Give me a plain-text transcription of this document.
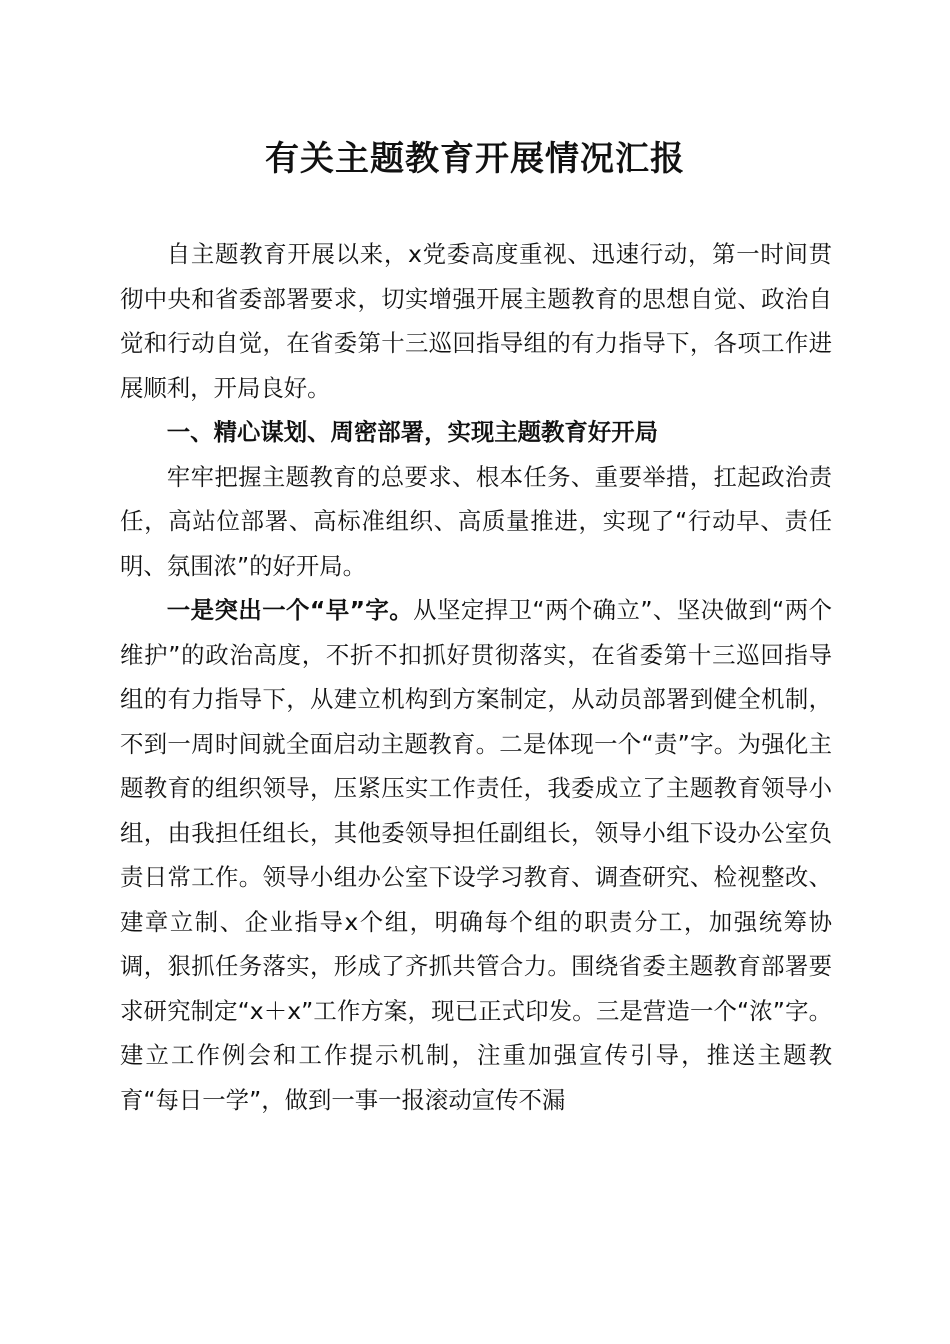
有关主题教育开展情况汇报

自主题教育开展以来，x党委高度重视、迅速行动，第一时间贯彻中央和省委部署要求，切实增强开展主题教育的思想自觉、政治自觉和行动自觉，在省委第十三巡回指导组的有力指导下，各项工作进展顺利，开局良好。

一、精心谋划、周密部署，实现主题教育好开局

牢牢把握主题教育的总要求、根本任务、重要举措，扛起政治责任，高站位部署、高标准组织、高质量推进，实现了“行动早、责任明、氛围浓”的好开局。

一是突出一个“早”字。从坚定捍卫“两个确立”、坚决做到“两个维护”的政治高度，不折不扣抓好贯彻落实，在省委第十三巡回指导组的有力指导下，从建立机构到方案制定，从动员部署到健全机制，不到一周时间就全面启动主题教育。二是体现一个“责”字。为强化主题教育的组织领导，压紧压实工作责任，我委成立了主题教育领导小组，由我担任组长，其他委领导担任副组长，领导小组下设办公室负责日常工作。领导小组办公室下设学习教育、调查研究、检视整改、建章立制、企业指导x个组，明确每个组的职责分工，加强统筹协调，狠抓任务落实，形成了齐抓共管合力。围绕省委主题教育部署要求研究制定“x＋x”工作方案，现已正式印发。三是营造一个“浓”字。建立工作例会和工作提示机制，注重加强宣传引导，推送主题教育“每日一学”，做到一事一报滚动宣传不漏
